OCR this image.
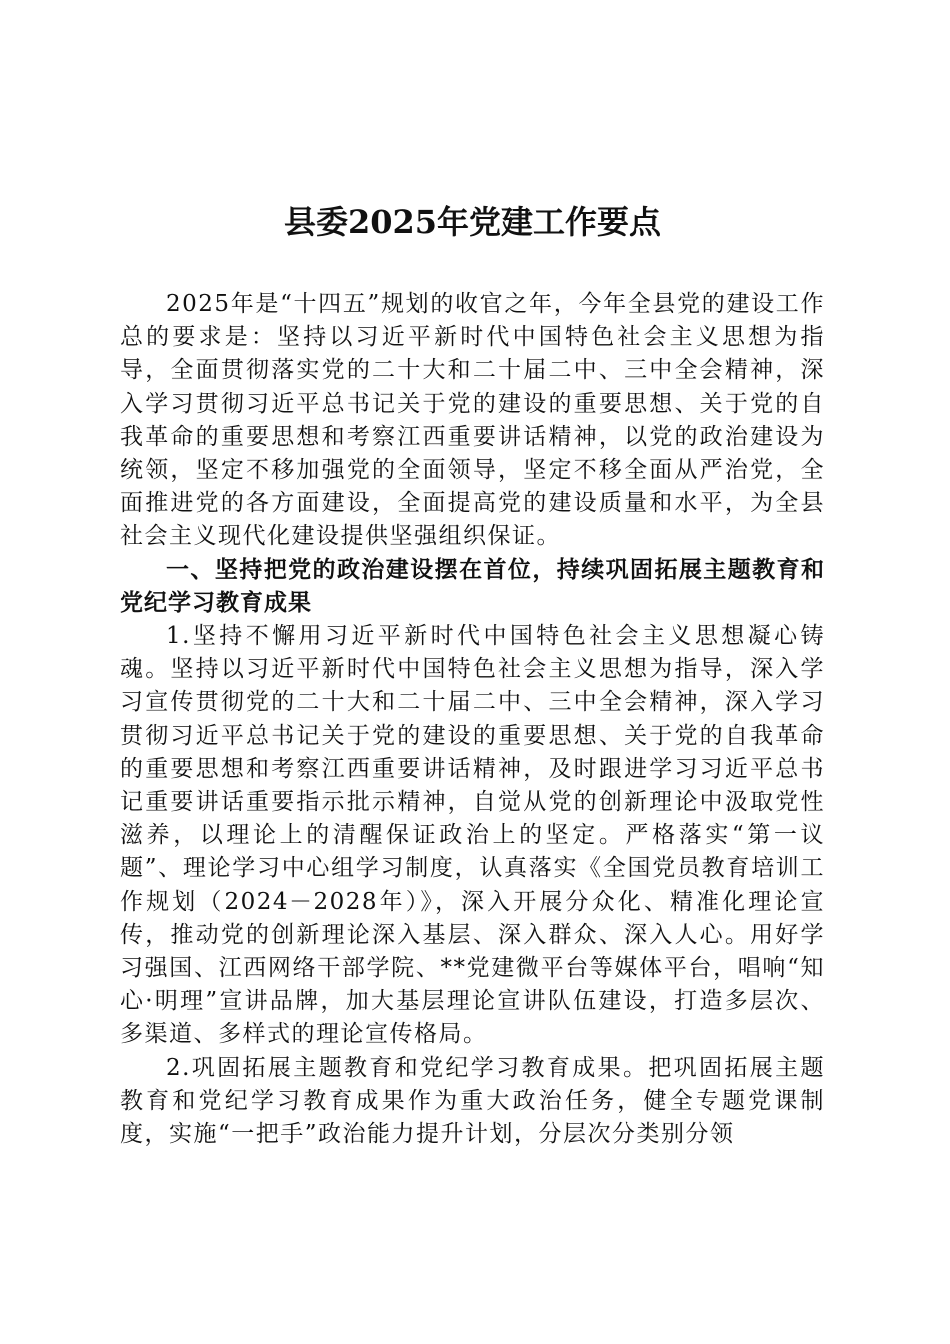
县委2025年党建工作要点

2025年是“十四五”规划的收官之年，今年全县党的建设工作总的要求是：坚持以习近平新时代中国特色社会主义思想为指导，全面贯彻落实党的二十大和二十届二中、三中全会精神，深入学习贯彻习近平总书记关于党的建设的重要思想、关于党的自我革命的重要思想和考察江西重要讲话精神，以党的政治建设为统领，坚定不移加强党的全面领导，坚定不移全面从严治党，全面推进党的各方面建设，全面提高党的建设质量和水平，为全县社会主义现代化建设提供坚强组织保证。

一、坚持把党的政治建设摆在首位，持续巩固拓展主题教育和党纪学习教育成果

1.坚持不懈用习近平新时代中国特色社会主义思想凝心铸魂。坚持以习近平新时代中国特色社会主义思想为指导，深入学习宣传贯彻党的二十大和二十届二中、三中全会精神，深入学习贯彻习近平总书记关于党的建设的重要思想、关于党的自我革命的重要思想和考察江西重要讲话精神，及时跟进学习习近平总书记重要讲话重要指示批示精神，自觉从党的创新理论中汲取党性滋养，以理论上的清醒保证政治上的坚定。严格落实“第一议题”、理论学习中心组学习制度，认真落实《全国党员教育培训工作规划（2024－2028年）》，深入开展分众化、精准化理论宣传，推动党的创新理论深入基层、深入群众、深入人心。用好学习强国、江西网络干部学院、**党建微平台等媒体平台，唱响“知心·明理”宣讲品牌，加大基层理论宣讲队伍建设，打造多层次、多渠道、多样式的理论宣传格局。

2.巩固拓展主题教育和党纪学习教育成果。把巩固拓展主题教育和党纪学习教育成果作为重大政治任务，健全专题党课制度，实施“一把手”政治能力提升计划，分层次分类别分领
